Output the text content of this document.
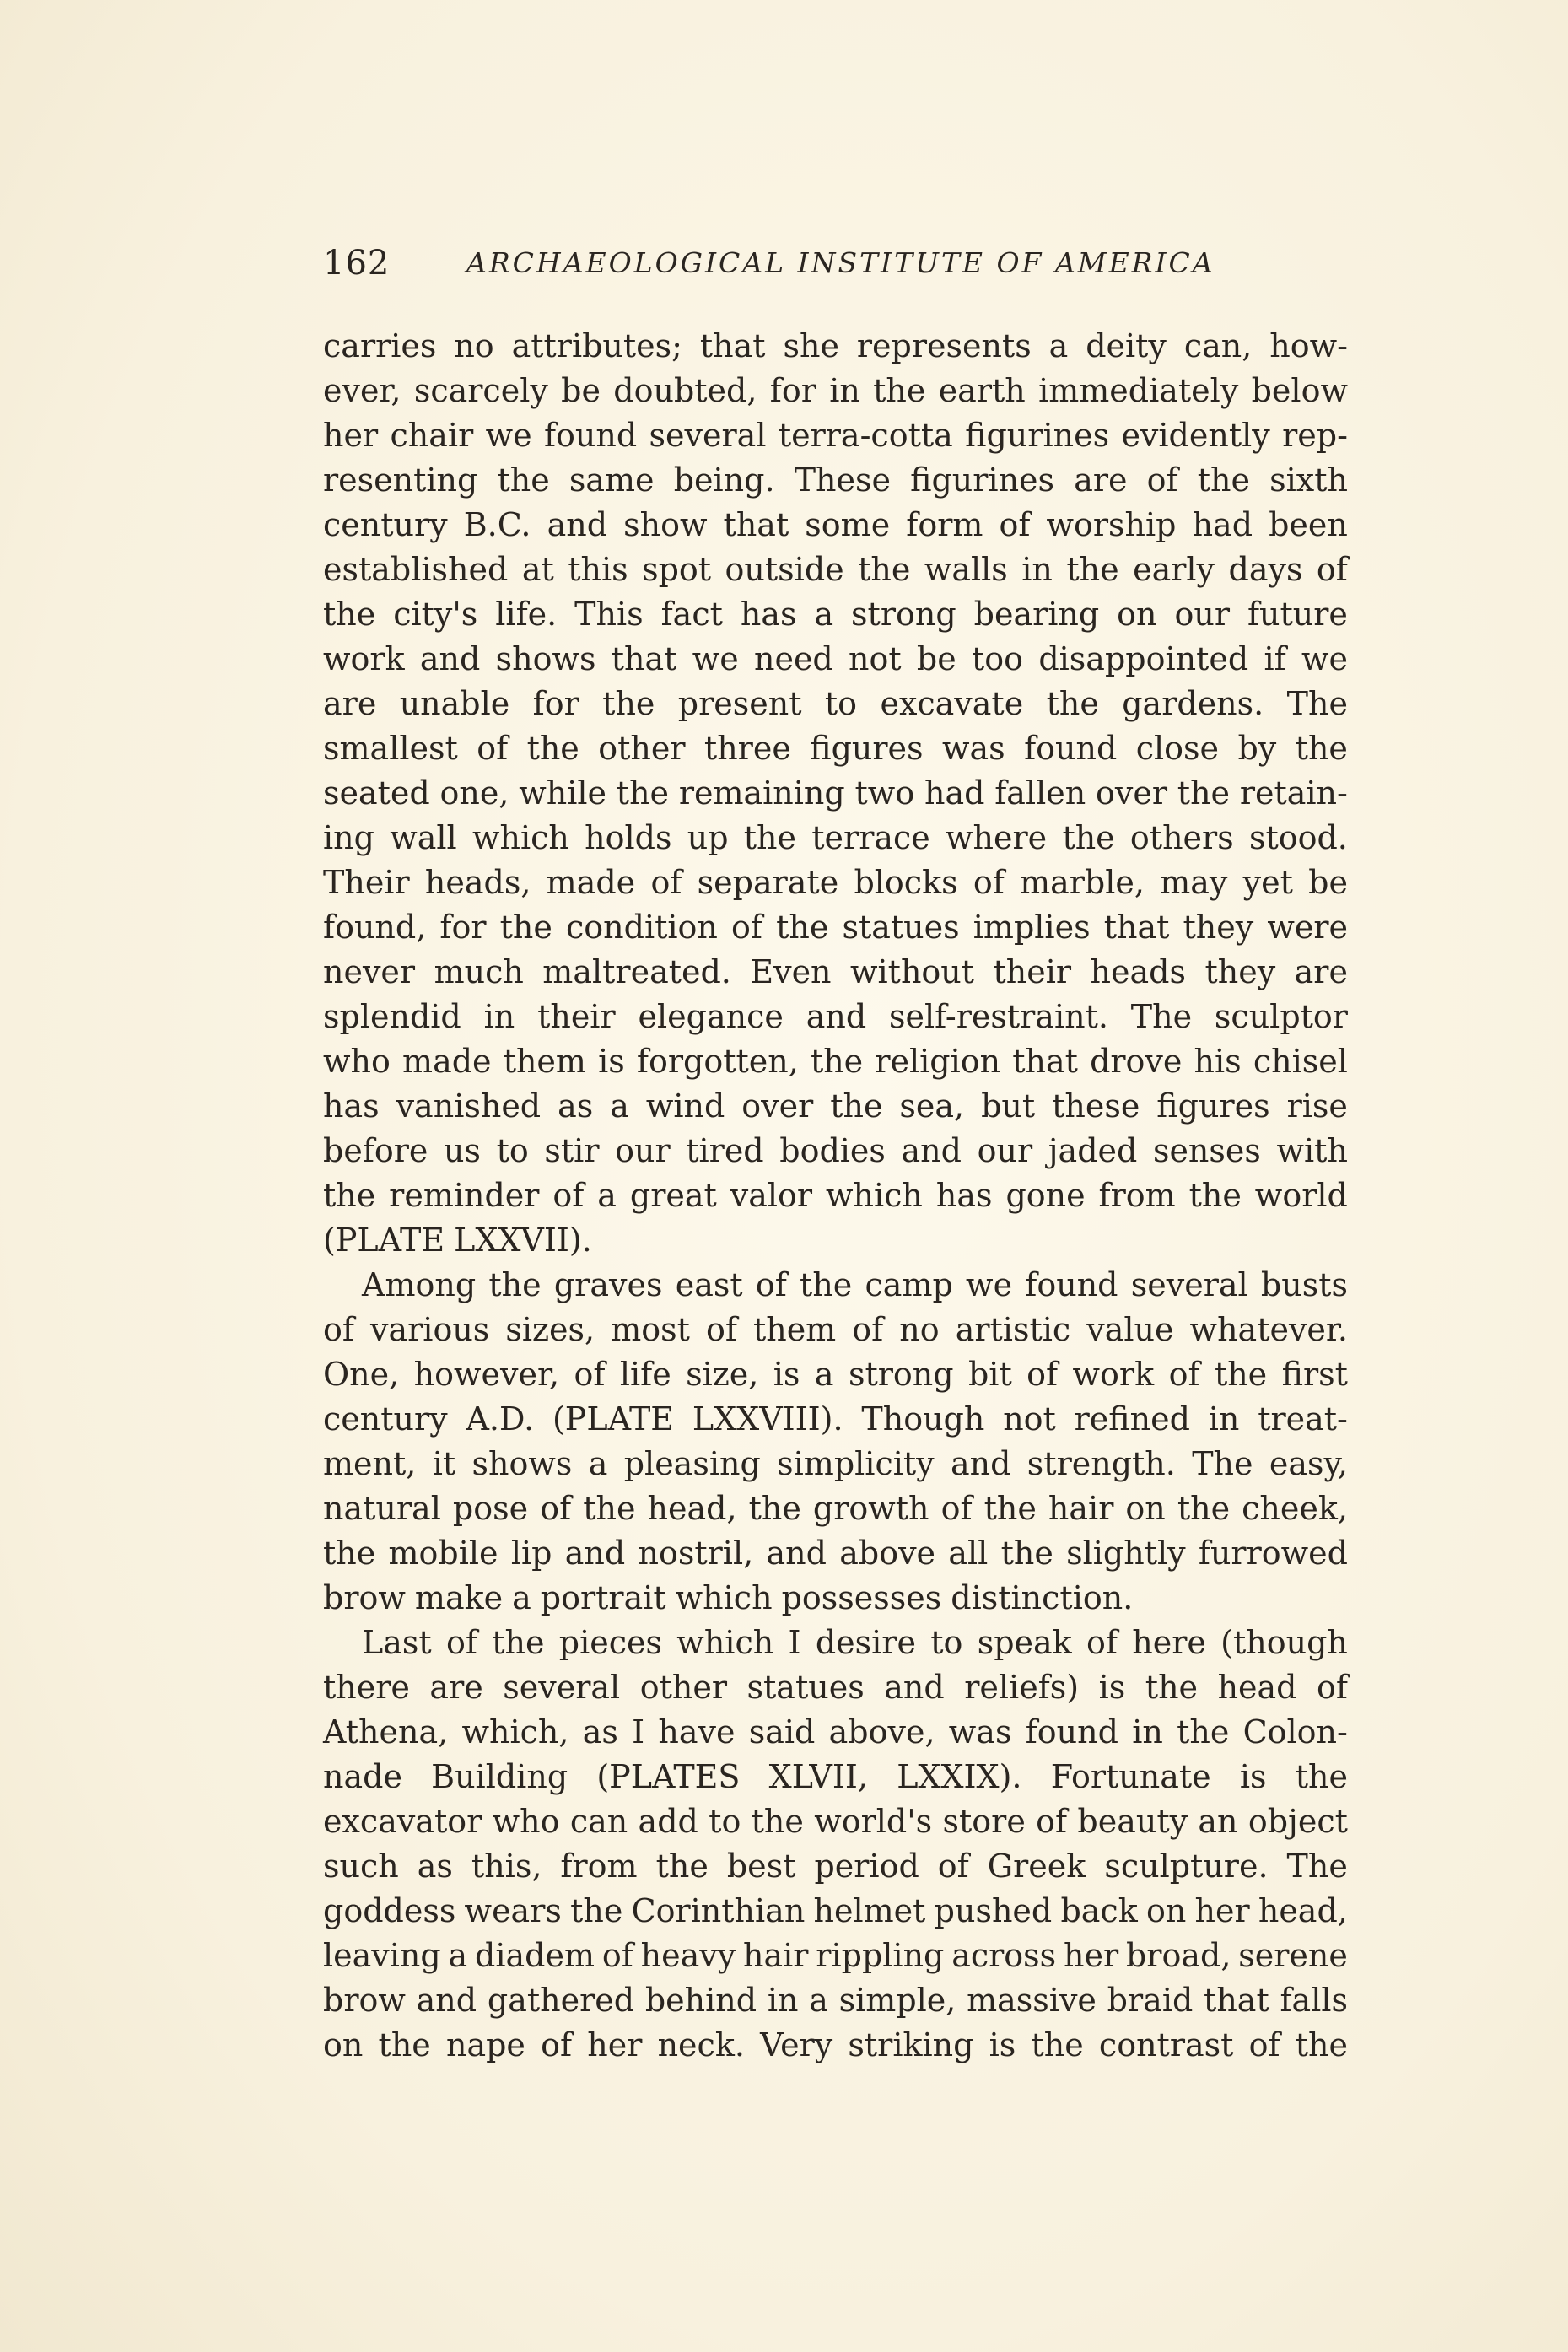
162	ARCHAEOLOGICAL INSTITUTE OF AMERICA
carries no attributes; that she represents a deity can, how-
ever, scarcely be doubted, for in the earth immediately below
her chair we found several terra-cotta figurines evidently rep-
resenting the same being. These figurines are of the sixth
century B.C. and show that some form of worship had been
established at this spot outside the walls in the early days of
the city's life. This fact has a strong bearing on our future
work and shows that we need not be too disappointed if we
are unable for the present to excavate the gardens. The
smallest of the other three figures was found close by the
seated one, while the remaining two had fallen over the retain-
ing wall which holds up the terrace where the others stood.
Their heads, made of separate blocks of marble, may yet be
found, for the condition of the statues implies that they were
never much maltreated. Even without their heads they are
splendid in their elegance and self-restraint. The sculptor
who made them is forgotten, the religion that drove his chisel
has vanished as a wind over the sea, but these figures rise
before us to stir our tired bodies and our jaded senses with
the reminder of a great valor which has gone from the world
(PLATE LXXVII).
Among the graves east of the camp we found several busts
of various sizes, most of them of no artistic value whatever.
One, however, of life size, is a strong bit of work of the first
century A.D. (PLATE LXXVIII). Though not refined in treat-
ment, it shows a pleasing simplicity and strength. The easy,
natural pose of the head, the growth of the hair on the cheek,
the mobile lip and nostril, and above all the slightly furrowed
brow make a portrait which possesses distinction.
Last of the pieces which I desire to speak of here (though
there are several other statues and reliefs) is the head of
Athena, which, as I have said above, was found in the Colon-
nade Building (PLATES XLVII, LXXIX). Fortunate is the
excavator who can add to the world's store of beauty an object
such as this, from the best period of Greek sculpture. The
goddess wears the Corinthian helmet pushed back on her head,
leaving a diadem of heavy hair rippling across her broad, serene
brow and gathered behind in a simple, massive braid that falls
on the nape of her neck. Very striking is the contrast of the
